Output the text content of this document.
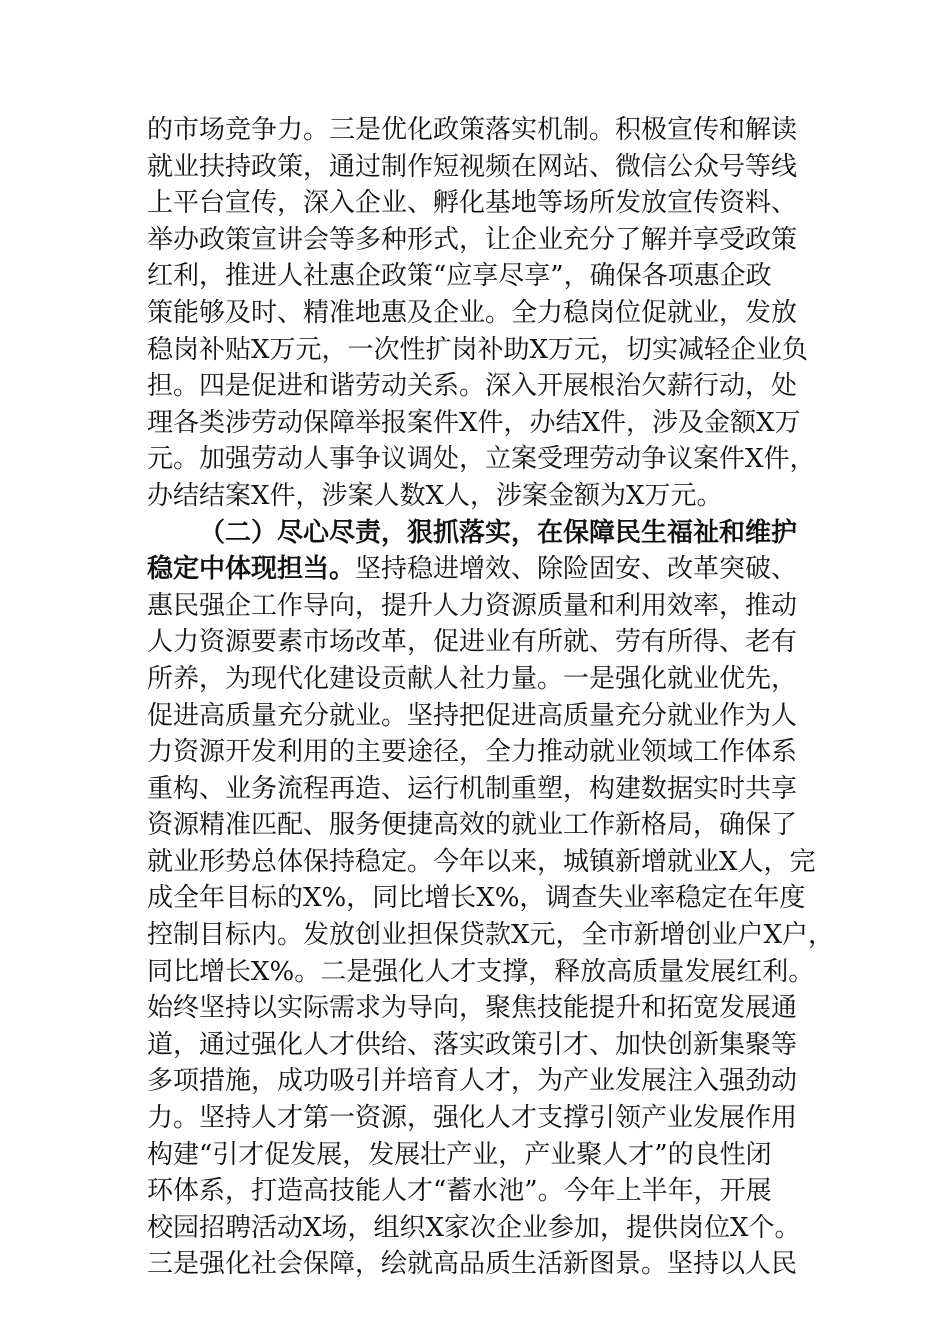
的市场竞争力。三是优化政策落实机制。积极宣传和解读
就业扶持政策，通过制作短视频在网站、微信公众号等线
上平台宣传，深入企业、孵化基地等场所发放宣传资料、
举办政策宣讲会等多种形式，让企业充分了解并享受政策
红利，推进人社惠企政策“应享尽享”，确保各项惠企政
策能够及时、精准地惠及企业。全力稳岗位促就业，发放
稳岗补贴X万元，一次性扩岗补助X万元，切实减轻企业负
担。四是促进和谐劳动关系。深入开展根治欠薪行动，处
理各类涉劳动保障举报案件X件，办结X件，涉及金额X万
元。加强劳动人事争议调处，立案受理劳动争议案件X件，
办结结案X件，涉案人数X人，涉案金额为X万元。
（二）尽心尽责，狠抓落实，在保障民生福祉和维护
稳定中体现担当。坚持稳进增效、除险固安、改革突破、
惠民强企工作导向，提升人力资源质量和利用效率，推动
人力资源要素市场改革，促进业有所就、劳有所得、老有
所养，为现代化建设贡献人社力量。一是强化就业优先，
促进高质量充分就业。坚持把促进高质量充分就业作为人
力资源开发利用的主要途径，全力推动就业领域工作体系
重构、业务流程再造、运行机制重塑，构建数据实时共享
资源精准匹配、服务便捷高效的就业工作新格局，确保了
就业形势总体保持稳定。今年以来，城镇新增就业X人，完
成全年目标的X%，同比增长X%，调查失业率稳定在年度
控制目标内。发放创业担保贷款X元，全市新增创业户X户，
同比增长X%。二是强化人才支撑，释放高质量发展红利。
始终坚持以实际需求为导向，聚焦技能提升和拓宽发展通
道，通过强化人才供给、落实政策引才、加快创新集聚等
多项措施，成功吸引并培育人才，为产业发展注入强劲动
力。坚持人才第一资源，强化人才支撑引领产业发展作用
构建“引才促发展，发展壮产业，产业聚人才”的良性闭
环体系，打造高技能人才“蓄水池”。今年上半年，开展
校园招聘活动X场，组织X家次企业参加，提供岗位X个。
三是强化社会保障，绘就高品质生活新图景。坚持以人民
